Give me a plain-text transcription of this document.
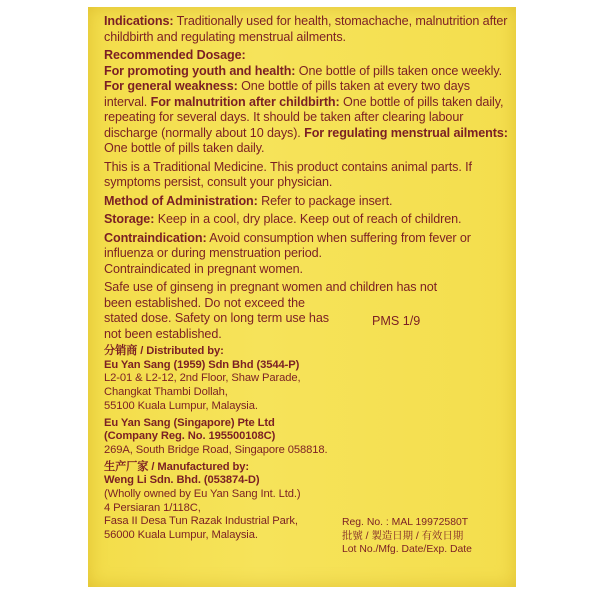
Indications: Traditionally used for health, stomachache, malnutrition after childbirth and regulating menstrual ailments.

Recommended Dosage:
For promoting youth and health: One bottle of pills taken once weekly. For general weakness: One bottle of pills taken at every two days interval. For malnutrition after childbirth: One bottle of pills taken daily, repeating for several days. It should be taken after clearing labour discharge (normally about 10 days). For regulating menstrual ailments: One bottle of pills taken daily.

This is a Traditional Medicine. This product contains animal parts. If symptoms persist, consult your physician.

Method of Administration: Refer to package insert.

Storage: Keep in a cool, dry place. Keep out of reach of children.

Contraindication: Avoid consumption when suffering from fever or influenza or during menstruation period.
Contraindicated in pregnant women.

Safe use of ginseng in pregnant women and children has not
been established. Do not exceed the
stated dose. Safety on long term use has
not been established.

分销商 / Distributed by:
Eu Yan Sang (1959) Sdn Bhd (3544-P)
L2-01 & L2-12, 2nd Floor, Shaw Parade,
Changkat Thambi Dollah,
55100 Kuala Lumpur, Malaysia.

Eu Yan Sang (Singapore) Pte Ltd
(Company Reg. No. 195500108C)
269A, South Bridge Road, Singapore 058818.

生产厂家 / Manufactured by:
Weng Li Sdn. Bhd. (053874-D)
(Wholly owned by Eu Yan Sang Int. Ltd.)
4 Persiaran 1/118C,
Fasa II Desa Tun Razak Industrial Park,
56000 Kuala Lumpur, Malaysia.

PMS 1/9
Reg. No. : MAL 19972580T
批號 / 製造日期 / 有效日期
Lot No./Mfg. Date/Exp. Date
